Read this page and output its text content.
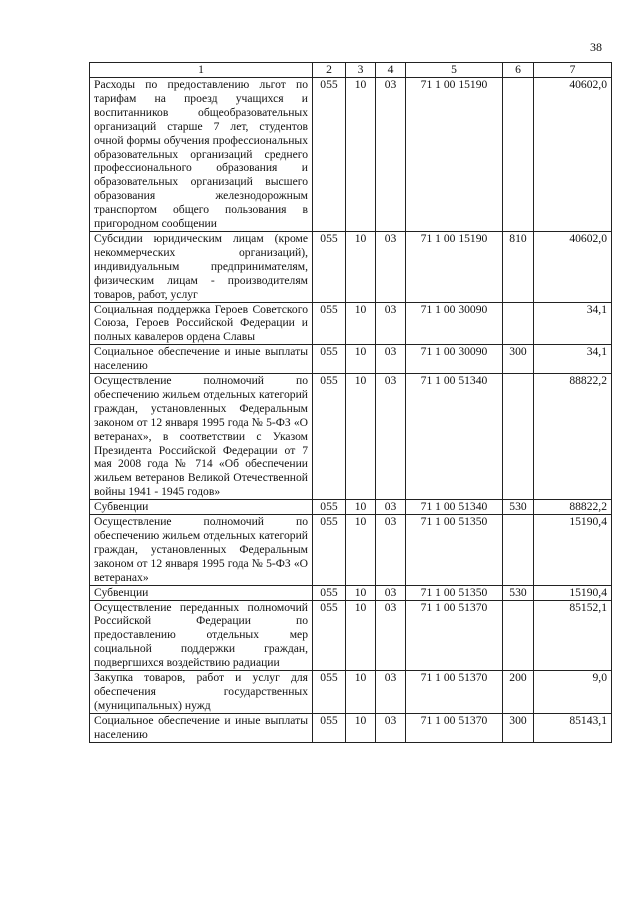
38
1	2	3	4	5	6	7
Расходы по предоставлению льгот по тарифам на проезд учащихся и воспитанников общеобразовательных организаций старше 7 лет, студентов очной формы обучения профессиональных образовательных организаций среднего профессионального образования и образовательных организаций высшего образования железнодорожным транспортом общего пользования в пригородном сообщении	055	10	03	71 1 00 15190		40602,0
Субсидии юридическим лицам (кроме некоммерческих организаций), индивидуальным предпринимателям, физическим лицам - производителям товаров, работ, услуг	055	10	03	71 1 00 15190	810	40602,0
Социальная поддержка Героев Советского Союза, Героев Российской Федерации и полных кавалеров ордена Славы	055	10	03	71 1 00 30090		34,1
Социальное обеспечение и иные выплаты населению	055	10	03	71 1 00 30090	300	34,1
Осуществление полномочий по обеспечению жильем отдельных категорий граждан, установленных Федеральным законом от 12 января 1995 года № 5-ФЗ «О ветеранах», в соответствии с Указом Президента Российской Федерации от 7 мая 2008 года № 714 «Об обеспечении жильем ветеранов Великой Отечественной войны 1941 - 1945 годов»	055	10	03	71 1 00 51340		88822,2
Субвенции	055	10	03	71 1 00 51340	530	88822,2
Осуществление полномочий по обеспечению жильем отдельных категорий граждан, установленных Федеральным законом от 12 января 1995 года № 5-ФЗ «О ветеранах»	055	10	03	71 1 00 51350		15190,4
Субвенции	055	10	03	71 1 00 51350	530	15190,4
Осуществление переданных полномочий Российской Федерации по предоставлению отдельных мер социальной поддержки граждан, подвергшихся воздействию радиации	055	10	03	71 1 00 51370		85152,1
Закупка товаров, работ и услуг для обеспечения государственных (муниципальных) нужд	055	10	03	71 1 00 51370	200	9,0
Социальное обеспечение и иные выплаты населению	055	10	03	71 1 00 51370	300	85143,1
